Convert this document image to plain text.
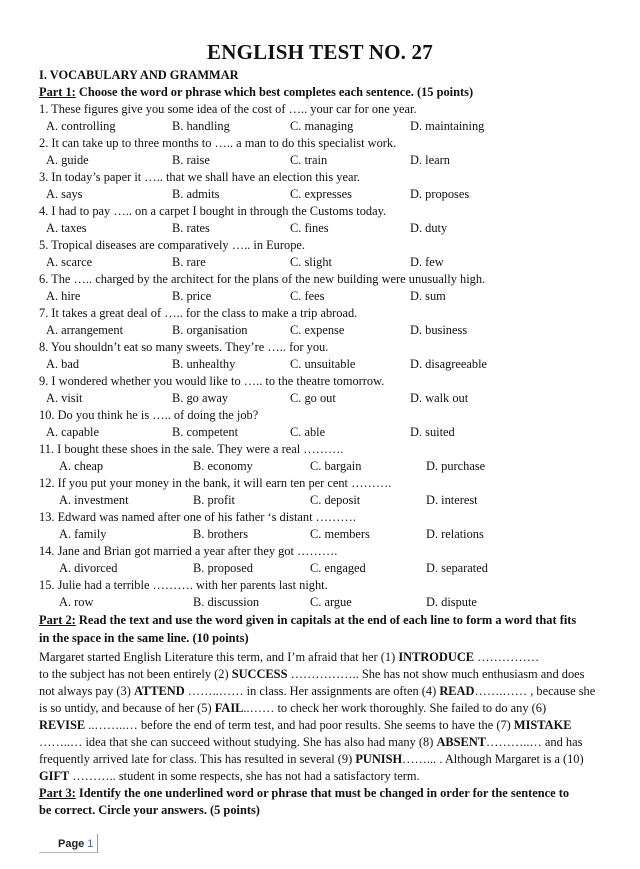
ENGLISH TEST NO. 27
I. VOCABULARY AND GRAMMAR
Part 1: Choose the word or phrase which best completes each sentence. (15 points)
1. These figures give you some idea of the cost of ….. your car for one year.
A. controlling	B. handling	C. managing	D. maintaining
2. It can take up to three months to ….. a man to do this specialist work.
A. guide	B. raise	C. train	D. learn
3. In today’s paper it ….. that we shall have an election this year.
A. says	B. admits	C. expresses	D. proposes
4. I had to pay ….. on a carpet I bought in through the Customs today.
A. taxes	B. rates	C. fines	D. duty
5. Tropical diseases are comparatively ….. in Europe.
A. scarce	B. rare	C. slight	D. few
6. The ….. charged by the architect for the plans of the new building were unusually high.
A. hire	B. price	C. fees	D. sum
7. It takes a great deal of ….. for the class to make a trip abroad.
A. arrangement	B. organisation	C. expense	D. business
8. You shouldn’t eat so many sweets. They’re ….. for you.
A. bad	B. unhealthy	C. unsuitable	D. disagreeable
9. I wondered whether you would like to ….. to the theatre tomorrow.
A. visit	B. go away	C. go out	D. walk out
10. Do you think he is ….. of doing the job?
A. capable	B. competent	C. able	D. suited
11. I bought these shoes in the sale. They were a real ……….
A. cheap	B. economy	C. bargain	D. purchase
12. If you put your money in the bank, it will earn ten per cent ……….
A. investment	B. profit	C. deposit	D. interest
13. Edward was named after one of his father ‘s distant ……….
A. family	B. brothers	C. members	D. relations
14. Jane and Brian got married a year after they got ……….
A. divorced	B. proposed	C. engaged	D. separated
15. Julie had a terrible ………. with her parents last night.
A. row	B. discussion	C. argue	D. dispute
Part 2: Read the text and use the word given in capitals at the end of each line to form a word that fits
in the space in the same line. (10 points)
Margaret started English Literature this term, and I’m afraid that her (1) INTRODUCE ……………
to the subject has not been entirely (2) SUCCESS …………….. She has not show much enthusiasm and does
not always pay (3) ATTEND ……..…… in class. Her assignments are often (4) READ…….…… , because she
is so untidy, and because of her (5) FAIL..…… to check her work thoroughly. She failed to do any (6)
REVISE ..……..… before the end of term test, and had poor results. She seems to have the (7) MISTAKE
……..… idea that she can succeed without studying. She has also had many (8) ABSENT………..… and has
frequently arrived late for class. This has resulted in several (9) PUNISH……... . Although Margaret is a (10)
GIFT ……….. student in some respects, she has not had a satisfactory term.
Part 3: Identify the one underlined word or phrase that must be changed in order for the sentence to
be correct. Circle your answers. (5 points)
Page 1
